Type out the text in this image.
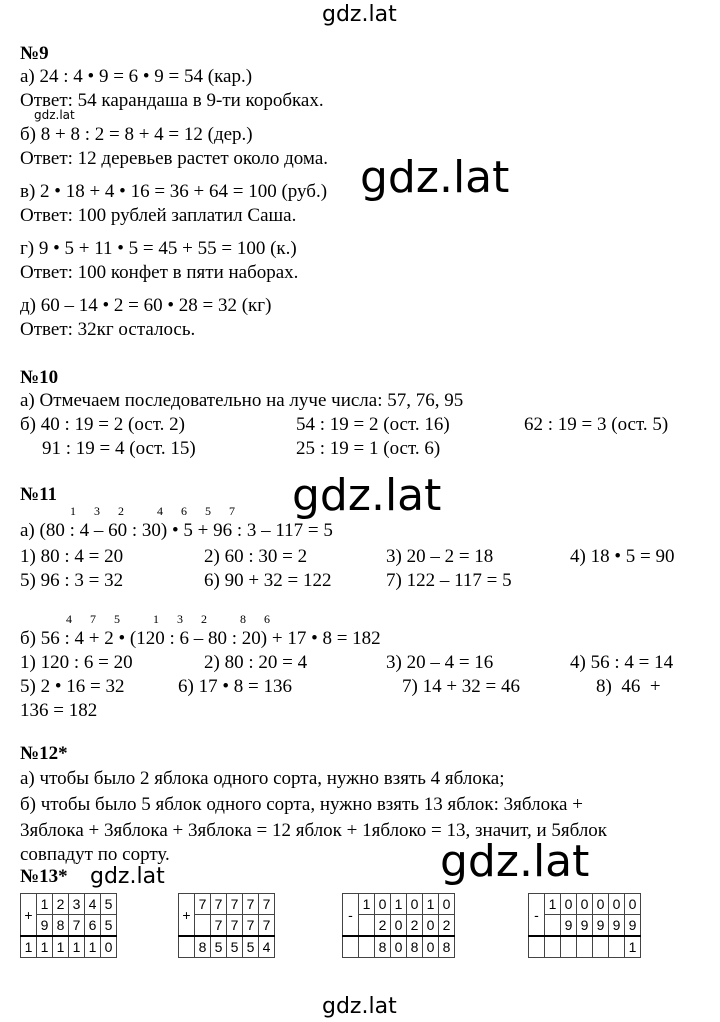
gdz.lat
gdz.lat
gdz.lat
gdz.lat
gdz.lat
gdz.lat
gdz.lat
№9
а) 24 : 4 • 9 = 6 • 9 = 54 (кар.)
Ответ: 54 карандаша в 9-ти коробках.
б) 8 + 8 : 2 = 8 + 4 = 12 (дер.)
Ответ: 12 деревьев растет около дома.
в) 2 • 18 + 4 • 16 = 36 + 64 = 100 (руб.)
Ответ: 100 рублей заплатил Саша.
г) 9 • 5 + 11 • 5 = 45 + 55 = 100 (к.)
Ответ: 100 конфет в пяти наборах.
д) 60 – 14 • 2 = 60 • 28 = 32 (кг)
Ответ: 32кг осталось.
№10
а) Отмечаем последовательно на луче числа: 57, 76, 95
б) 40 : 19 = 2 (ост. 2)	54 : 19 = 2 (ост. 16)	62 : 19 = 3 (ост. 5)
91 : 19 = 4 (ост. 15)	25 : 19 = 1 (ост. 6)
№11
1      3      2           4      6      5      7
а) (80 : 4 – 60 : 30) • 5 + 96 : 3 – 117 = 5
1) 80 : 4 = 20	2) 60 : 30 = 2	3) 20 – 2 = 18	4) 18 • 5 = 90
5) 96 : 3 = 32	6) 90 + 32 = 122	7) 122 – 117 = 5
4      7      5           1      3      2           8      6
б) 56 : 4 + 2 • (120 : 6 – 80 : 20) + 17 • 8 = 182
1) 120 : 6 = 20	2) 80 : 20 = 4	3) 20 – 4 = 16	4) 56 : 4 = 14
5) 2 • 16 = 32	6) 17 • 8 = 136	7) 14 + 32 = 46	8)  46  +
136 = 182
№12*
а) чтобы было 2 яблока одного сорта, нужно взять 4 яблока;
б) чтобы было 5 яблок одного сорта, нужно взять 13 яблок: 3яблока +
3яблока + 3яблока + 3яблока = 12 яблок + 1яблоко = 13, значит, и 5яблок
совпадут по сорту.
№13*
+	1	2	3	4	5
	9	8	7	6	5
1	1	1	1	1	0
+	7	7	7	7	7
		7	7	7	7
	8	5	5	5	4
-	1	0	1	0	1	0
		2	0	2	0	2
		8	0	8	0	8
-	1	0	0	0	0	0
		9	9	9	9	9
						1
